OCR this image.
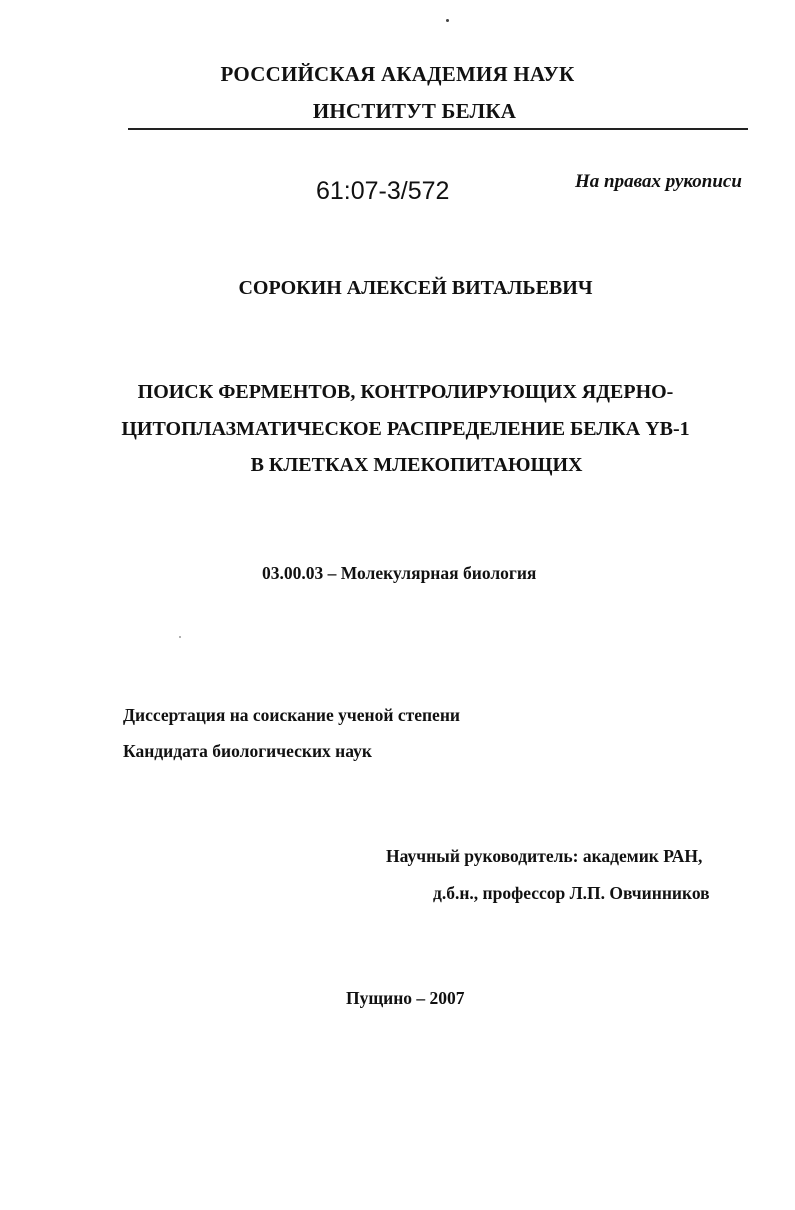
РОССИЙСКАЯ АКАДЕМИЯ НАУК
ИНСТИТУТ БЕЛКА
61:07-3/572	На правах рукописи
СОРОКИН АЛЕКСЕЙ ВИТАЛЬЕВИЧ
ПОИСК ФЕРМЕНТОВ, КОНТРОЛИРУЮЩИХ ЯДЕРНО-
ЦИТОПЛАЗМАТИЧЕСКОЕ РАСПРЕДЕЛЕНИЕ БЕЛКА YB-1
В КЛЕТКАХ МЛЕКОПИТАЮЩИХ
03.00.03 – Молекулярная биология
Диссертация на соискание ученой степени
Кандидата биологических наук
Научный руководитель: академик РАН,
д.б.н., профессор Л.П. Овчинников
Пущино – 2007
